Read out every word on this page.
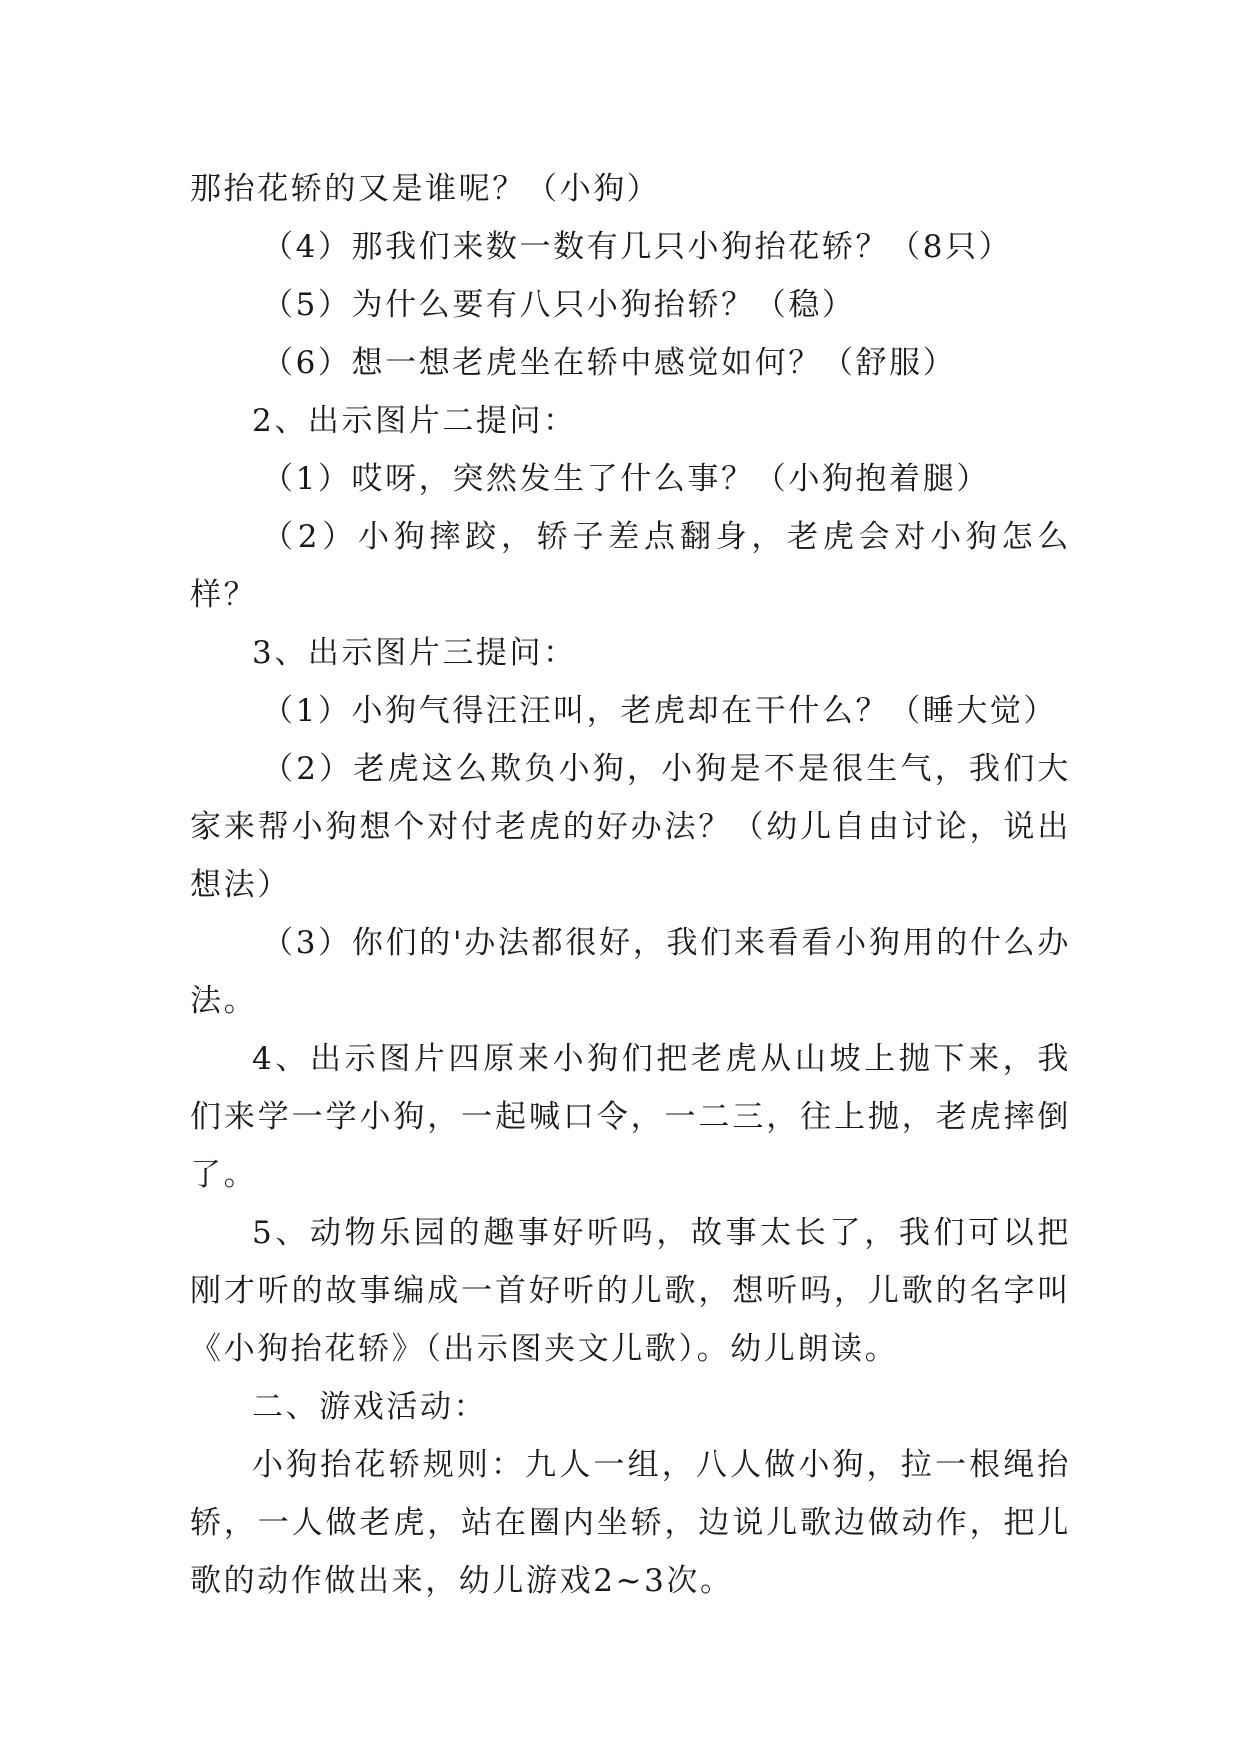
那抬花轿的又是谁呢？（小狗）

（4）那我们来数一数有几只小狗抬花轿？（8只）

（5）为什么要有八只小狗抬轿？（稳）

（6）想一想老虎坐在轿中感觉如何？（舒服）

2、出示图片二提问：

（1）哎呀，突然发生了什么事？（小狗抱着腿）

（2）小狗摔跤，轿子差点翻身，老虎会对小狗怎么样？

3、出示图片三提问：

（1）小狗气得汪汪叫，老虎却在干什么？（睡大觉）

（2）老虎这么欺负小狗，小狗是不是很生气，我们大家来帮小狗想个对付老虎的好办法？（幼儿自由讨论，说出想法）

（3）你们的'办法都很好，我们来看看小狗用的什么办法。

4、出示图片四原来小狗们把老虎从山坡上抛下来，我们来学一学小狗，一起喊口令，一二三，往上抛，老虎摔倒了。

5、动物乐园的趣事好听吗，故事太长了，我们可以把刚才听的故事编成一首好听的儿歌，想听吗，儿歌的名字叫《小狗抬花轿》（出示图夹文儿歌）。幼儿朗读。

二、游戏活动：

小狗抬花轿规则：九人一组，八人做小狗，拉一根绳抬轿，一人做老虎，站在圈内坐轿，边说儿歌边做动作，把儿歌的动作做出来，幼儿游戏2~3次。
